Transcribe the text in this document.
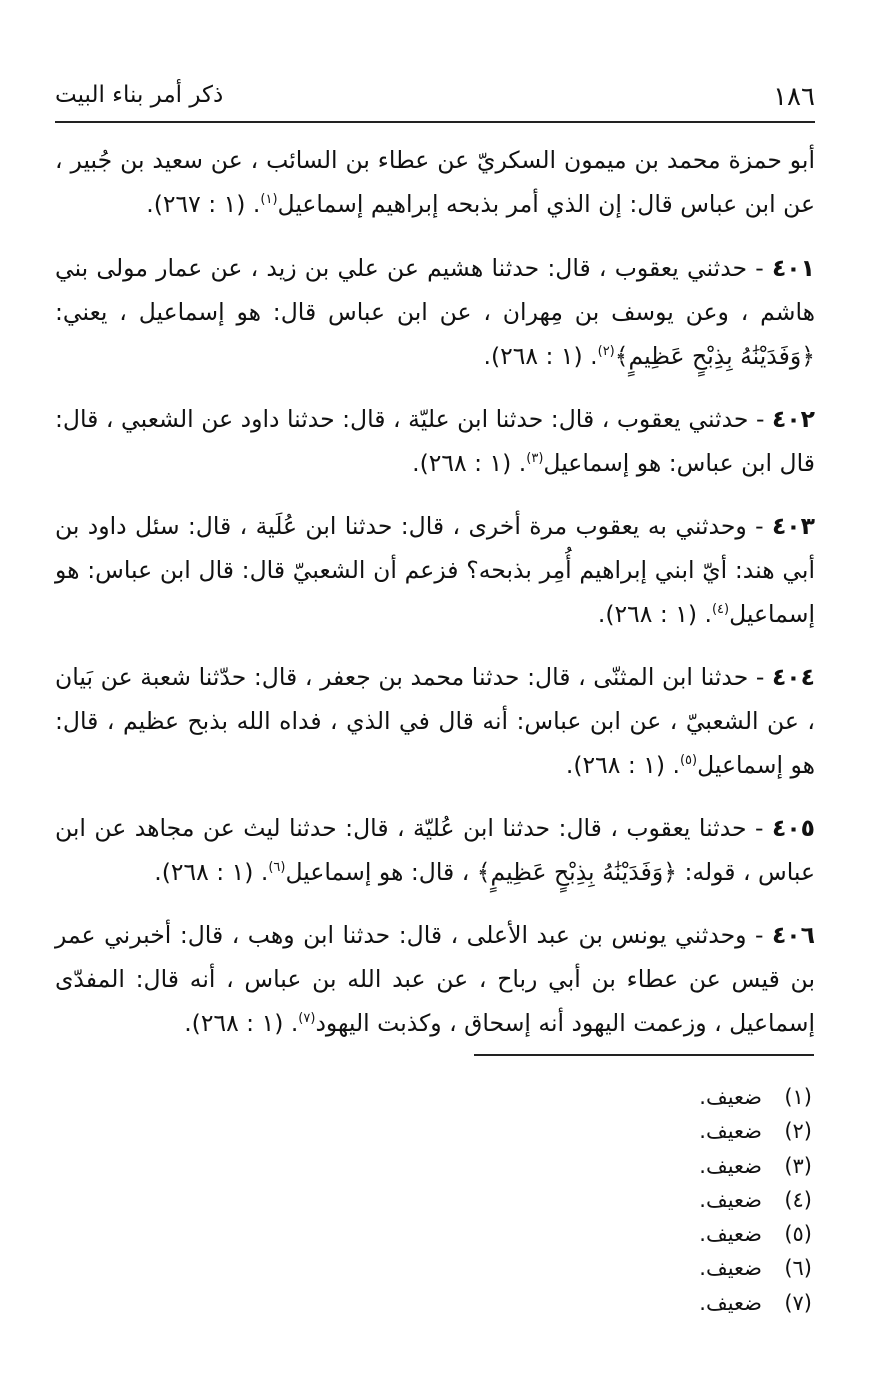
١٨٦
ذكر أمر بناء البيت

أبو حمزة محمد بن ميمون السكريّ عن عطاء بن السائب ، عن سعيد بن جُبير ، عن ابن عباس قال: إن الذي أمر بذبحه إبراهيم إسماعيل$^{(١)}$. (١ : ٢٦٧).

٤٠١ - حدثني يعقوب ، قال: حدثنا هشيم عن علي بن زيد ، عن عمار مولى بني هاشم ، وعن يوسف بن مِهران ، عن ابن عباس قال: هو إسماعيل ، يعني: ﴿وَفَدَيْنَٰهُ بِذِبْحٍ عَظِيمٍ﴾$^{(٢)}$. (١ : ٢٦٨).

٤٠٢ - حدثني يعقوب ، قال: حدثنا ابن عليّة ، قال: حدثنا داود عن الشعبي ، قال: قال ابن عباس: هو إسماعيل$^{(٣)}$. (١ : ٢٦٨).

٤٠٣ - وحدثني به يعقوب مرة أخرى ، قال: حدثنا ابن عُلَية ، قال: سئل داود بن أبي هند: أيّ ابني إبراهيم أُمِر بذبحه؟ فزعم أن الشعبيّ قال: قال ابن عباس: هو إسماعيل$^{(٤)}$. (١ : ٢٦٨).

٤٠٤ - حدثنا ابن المثنّى ، قال: حدثنا محمد بن جعفر ، قال: حدّثنا شعبة عن بَيان ، عن الشعبيّ ، عن ابن عباس: أنه قال في الذي ، فداه الله بذبح عظيم ، قال: هو إسماعيل$^{(٥)}$. (١ : ٢٦٨).

٤٠٥ - حدثنا يعقوب ، قال: حدثنا ابن عُليّة ، قال: حدثنا ليث عن مجاهد عن ابن عباس ، قوله: ﴿وَفَدَيْنَٰهُ بِذِبْحٍ عَظِيمٍ﴾ ، قال: هو إسماعيل$^{(٦)}$. (١ : ٢٦٨).

٤٠٦ - وحدثني يونس بن عبد الأعلى ، قال: حدثنا ابن وهب ، قال: أخبرني عمر بن قيس عن عطاء بن أبي رباح ، عن عبد الله بن عباس ، أنه قال: المفدّى إسماعيل ، وزعمت اليهود أنه إسحاق ، وكذبت اليهود$^{(٧)}$. (١ : ٢٦٨).

(١)ضعيف.
(٢)ضعيف.
(٣)ضعيف.
(٤)ضعيف.
(٥)ضعيف.
(٦)ضعيف.
(٧)ضعيف.
